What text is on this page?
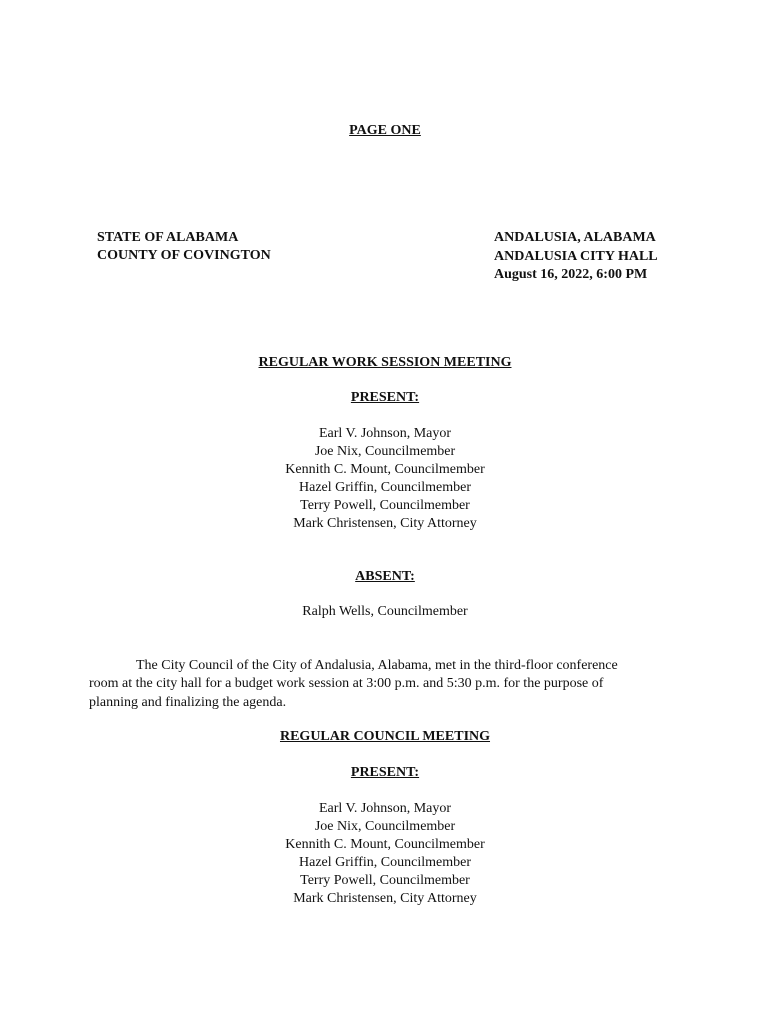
PAGE ONE
STATE OF ALABAMA
COUNTY OF COVINGTON
ANDALUSIA, ALABAMA
ANDALUSIA CITY HALL
August 16, 2022, 6:00 PM
REGULAR WORK SESSION MEETING
PRESENT:
Earl V. Johnson, Mayor
Joe Nix, Councilmember
Kennith C. Mount, Councilmember
Hazel Griffin, Councilmember
Terry Powell, Councilmember
Mark Christensen, City Attorney
ABSENT:
Ralph Wells, Councilmember
The City Council of the City of Andalusia, Alabama, met in the third-floor conference
room at the city hall for a budget work session at 3:00 p.m. and 5:30 p.m. for the purpose of
planning and finalizing the agenda.
REGULAR COUNCIL MEETING
PRESENT:
Earl V. Johnson, Mayor
Joe Nix, Councilmember
Kennith C. Mount, Councilmember
Hazel Griffin, Councilmember
Terry Powell, Councilmember
Mark Christensen, City Attorney
